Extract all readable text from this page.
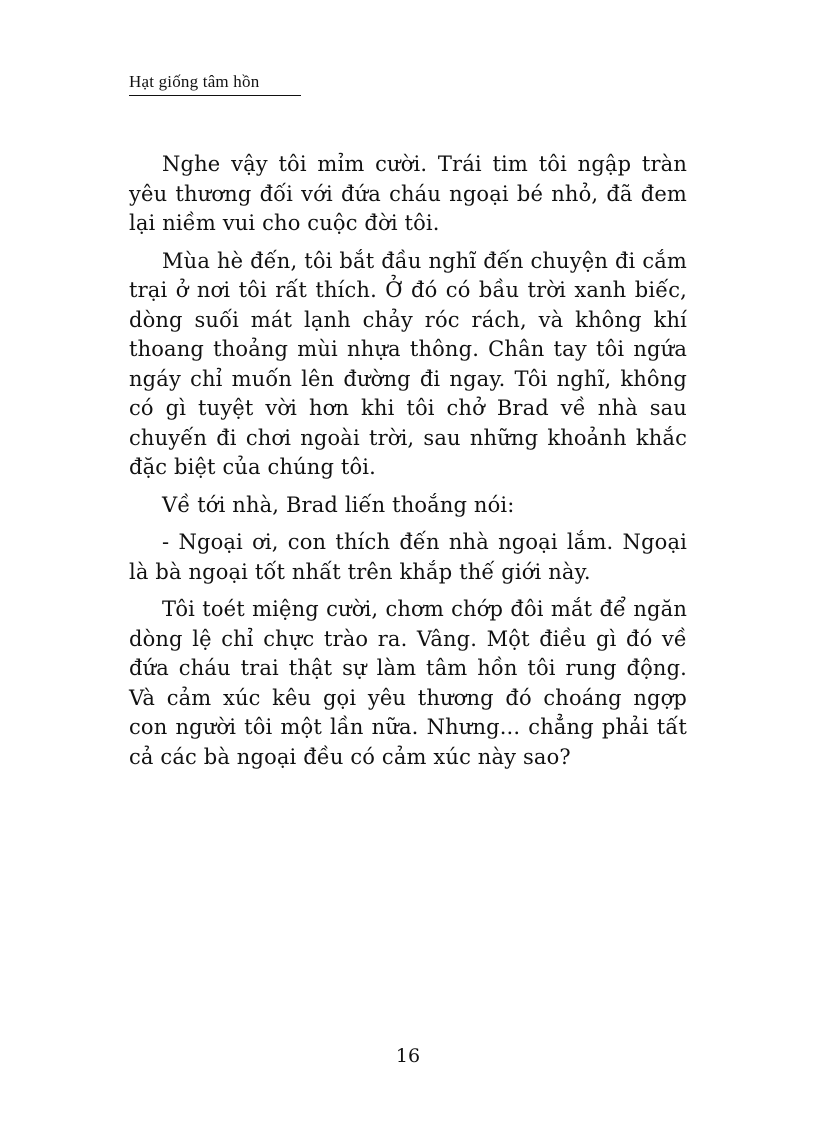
Hạt giống tâm hồn

Nghe vậy tôi mỉm cười. Trái tim tôi ngập tràn yêu thương đối với đứa cháu ngoại bé nhỏ, đã đem lại niềm vui cho cuộc đời tôi.

Mùa hè đến, tôi bắt đầu nghĩ đến chuyện đi cắm trại ở nơi tôi rất thích. Ở đó có bầu trời xanh biếc, dòng suối mát lạnh chảy róc rách, và không khí thoang thoảng mùi nhựa thông. Chân tay tôi ngứa ngáy chỉ muốn lên đường đi ngay. Tôi nghĩ, không có gì tuyệt vời hơn khi tôi chở Brad về nhà sau chuyến đi chơi ngoài trời, sau những khoảnh khắc đặc biệt của chúng tôi.

Về tới nhà, Brad liến thoắng nói:

- Ngoại ơi, con thích đến nhà ngoại lắm. Ngoại là bà ngoại tốt nhất trên khắp thế giới này.

Tôi toét miệng cười, chơm chớp đôi mắt để ngăn dòng lệ chỉ chực trào ra. Vâng. Một điều gì đó về đứa cháu trai thật sự làm tâm hồn tôi rung động. Và cảm xúc kêu gọi yêu thương đó choáng ngợp con người tôi một lần nữa. Nhưng... chẳng phải tất cả các bà ngoại đều có cảm xúc này sao?

16
